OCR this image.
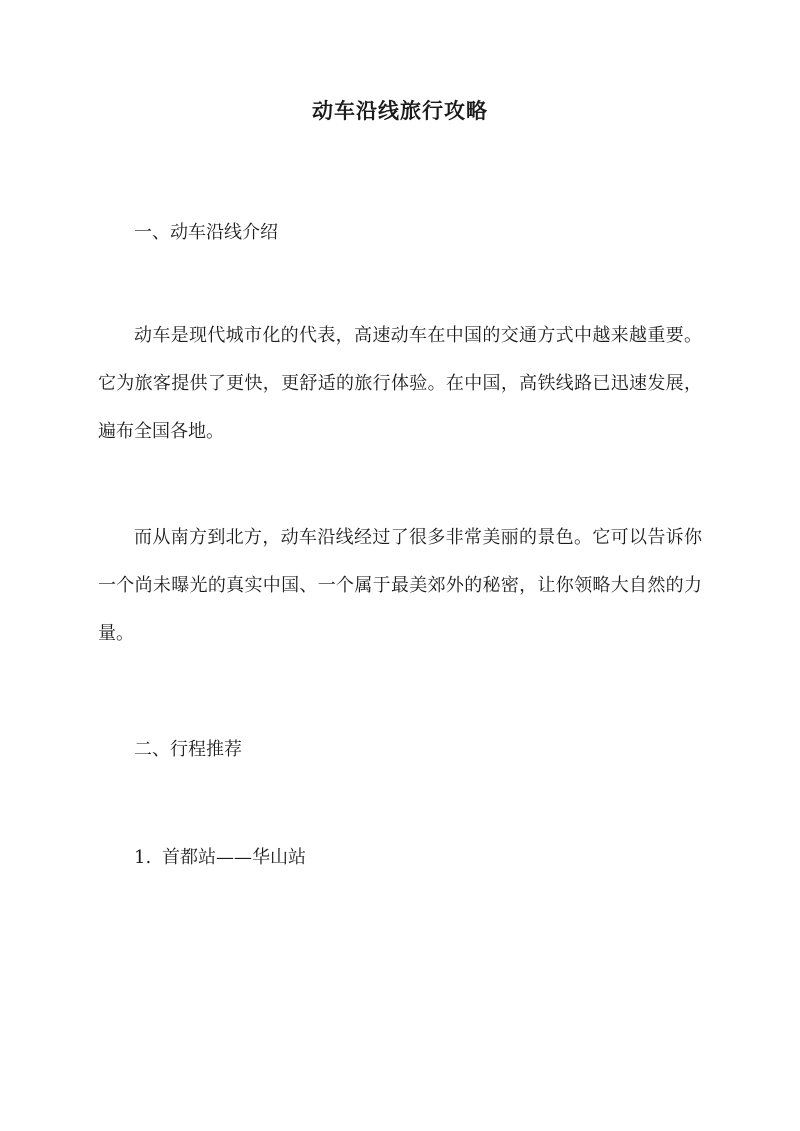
动车沿线旅行攻略
一、动车沿线介绍
动车是现代城市化的代表，高速动车在中国的交通方式中越来越重要。它为旅客提供了更快，更舒适的旅行体验。在中国，高铁线路已迅速发展，遍布全国各地。
而从南方到北方，动车沿线经过了很多非常美丽的景色。它可以告诉你一个尚未曝光的真实中国、一个属于最美郊外的秘密，让你领略大自然的力量。
二、行程推荐
1. 首都站——华山站
